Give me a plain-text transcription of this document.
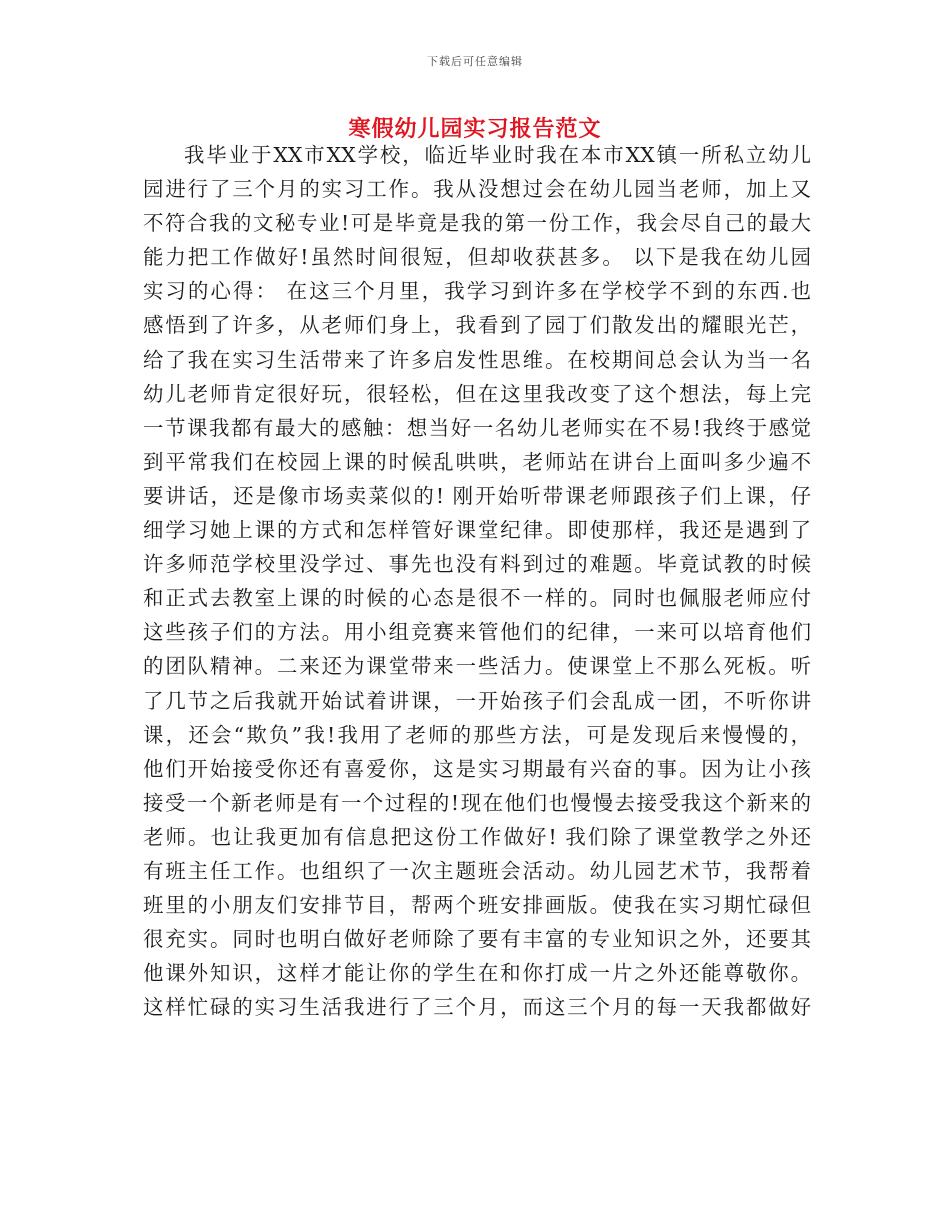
下载后可任意编辑
寒假幼儿园实习报告范文
我毕业于XX市XX学校，临近毕业时我在本市XX镇一所私立幼儿
园进行了三个月的实习工作。我从没想过会在幼儿园当老师，加上又
不符合我的文秘专业!可是毕竟是我的第一份工作，我会尽自己的最大
能力把工作做好!虽然时间很短，但却收获甚多。 以下是我在幼儿园
实习的心得： 在这三个月里，我学习到许多在学校学不到的东西.也
感悟到了许多，从老师们身上，我看到了园丁们散发出的耀眼光芒，
给了我在实习生活带来了许多启发性思维。在校期间总会认为当一名
幼儿老师肯定很好玩，很轻松，但在这里我改变了这个想法，每上完
一节课我都有最大的感触：想当好一名幼儿老师实在不易!我终于感觉
到平常我们在校园上课的时候乱哄哄，老师站在讲台上面叫多少遍不
要讲话，还是像市场卖菜似的! 刚开始听带课老师跟孩子们上课，仔
细学习她上课的方式和怎样管好课堂纪律。即使那样，我还是遇到了
许多师范学校里没学过、事先也没有料到过的难题。毕竟试教的时候
和正式去教室上课的时候的心态是很不一样的。同时也佩服老师应付
这些孩子们的方法。用小组竞赛来管他们的纪律，一来可以培育他们
的团队精神。二来还为课堂带来一些活力。使课堂上不那么死板。听
了几节之后我就开始试着讲课，一开始孩子们会乱成一团，不听你讲
课，还会“欺负”我!我用了老师的那些方法，可是发现后来慢慢的，
他们开始接受你还有喜爱你，这是实习期最有兴奋的事。因为让小孩
接受一个新老师是有一个过程的!现在他们也慢慢去接受我这个新来的
老师。也让我更加有信息把这份工作做好! 我们除了课堂教学之外还
有班主任工作。也组织了一次主题班会活动。幼儿园艺术节，我帮着
班里的小朋友们安排节目，帮两个班安排画版。使我在实习期忙碌但
很充实。同时也明白做好老师除了要有丰富的专业知识之外，还要其
他课外知识，这样才能让你的学生在和你打成一片之外还能尊敬你。
这样忙碌的实习生活我进行了三个月，而这三个月的每一天我都做好
